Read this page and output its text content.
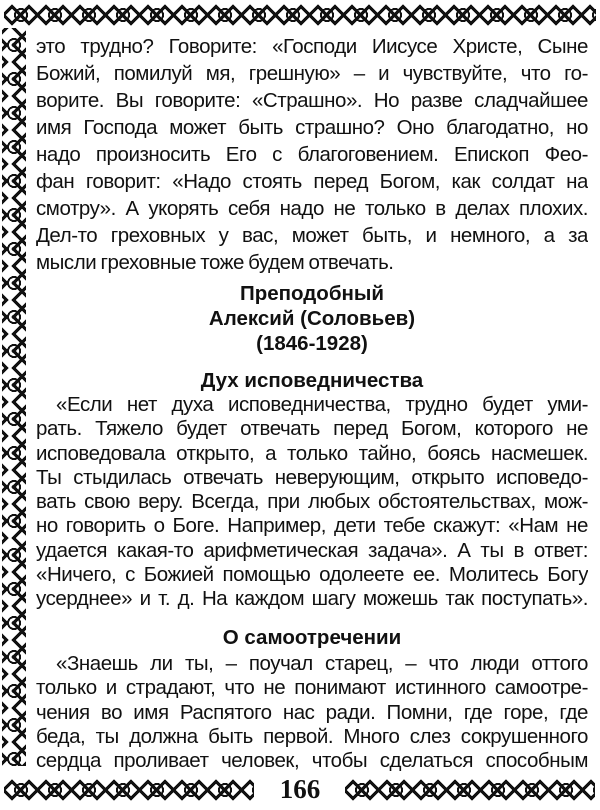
166
это трудно? Говорите: «Господи Иисусе Христе, Сыне
Божий, помилуй мя, грешную» – и чувствуйте, что го-
ворите. Вы говорите: «Страшно». Но разве сладчайшее
имя Господа может быть страшно? Оно благодатно, но
надо произносить Его с благоговением. Епископ Фео-
фан говорит: «Надо стоять перед Богом, как солдат на
смотру». А укорять себя надо не только в делах плохих.
Дел-то греховных у вас, может быть, и немного, а за
мысли греховные тоже будем отвечать.
Преподобный
Алексий (Соловьев)
(1846-1928)
Дух исповедничества
«Если нет духа исповедничества, трудно будет уми-
рать. Тяжело будет отвечать перед Богом, которого не
исповедовала открыто, а только тайно, боясь насмешек.
Ты стыдилась отвечать неверующим, открыто исповедо-
вать свою веру. Всегда, при любых обстоятельствах, мож-
но говорить о Боге. Например, дети тебе скажут: «Нам не
удается какая-то арифметическая задача». А ты в ответ:
«Ничего, с Божией помощью одолеете ее. Молитесь Богу
усерднее» и т. д. На каждом шагу можешь так поступать».
О самоотречении
«Знаешь ли ты, – поучал старец, – что люди оттого
только и страдают, что не понимают истинного самоотре-
чения во имя Распятого нас ради. Помни, где горе, где
беда, ты должна быть первой. Много слез сокрушенного
сердца проливает человек, чтобы сделаться способным
